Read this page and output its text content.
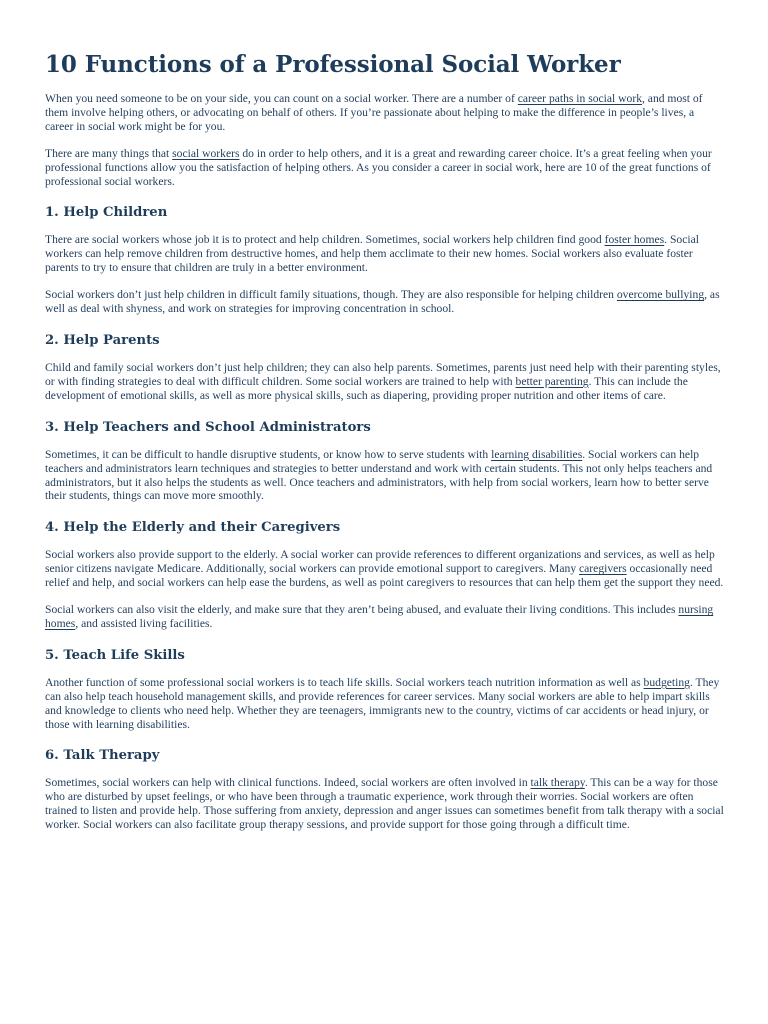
10 Functions of a Professional Social Worker

When you need someone to be on your side, you can count on a social worker. There are a number of career paths in social work, and most of them involve helping others, or advocating on behalf of others. If you’re passionate about helping to make the difference in people’s lives, a career in social work might be for you.

There are many things that social workers do in order to help others, and it is a great and rewarding career choice. It’s a great feeling when your professional functions allow you the satisfaction of helping others. As you consider a career in social work, here are 10 of the great functions of professional social workers.

1. Help Children

There are social workers whose job it is to protect and help children. Sometimes, social workers help children find good foster homes. Social workers can help remove children from destructive homes, and help them acclimate to their new homes. Social workers also evaluate foster parents to try to ensure that children are truly in a better environment.

Social workers don’t just help children in difficult family situations, though. They are also responsible for helping children overcome bullying, as well as deal with shyness, and work on strategies for improving concentration in school.

2. Help Parents

Child and family social workers don’t just help children; they can also help parents. Sometimes, parents just need help with their parenting styles, or with finding strategies to deal with difficult children. Some social workers are trained to help with better parenting. This can include the development of emotional skills, as well as more physical skills, such as diapering, providing proper nutrition and other items of care.

3. Help Teachers and School Administrators

Sometimes, it can be difficult to handle disruptive students, or know how to serve students with learning disabilities. Social workers can help teachers and administrators learn techniques and strategies to better understand and work with certain students. This not only helps teachers and administrators, but it also helps the students as well. Once teachers and administrators, with help from social workers, learn how to better serve their students, things can move more smoothly.

4. Help the Elderly and their Caregivers

Social workers also provide support to the elderly. A social worker can provide references to different organizations and services, as well as help senior citizens navigate Medicare. Additionally, social workers can provide emotional support to caregivers. Many caregivers occasionally need relief and help, and social workers can help ease the burdens, as well as point caregivers to resources that can help them get the support they need.

Social workers can also visit the elderly, and make sure that they aren’t being abused, and evaluate their living conditions. This includes nursing homes, and assisted living facilities.

5. Teach Life Skills

Another function of some professional social workers is to teach life skills. Social workers teach nutrition information as well as budgeting. They can also help teach household management skills, and provide references for career services. Many social workers are able to help impart skills and knowledge to clients who need help. Whether they are teenagers, immigrants new to the country, victims of car accidents or head injury, or those with learning disabilities.

6. Talk Therapy

Sometimes, social workers can help with clinical functions. Indeed, social workers are often involved in talk therapy. This can be a way for those who are disturbed by upset feelings, or who have been through a traumatic experience, work through their worries. Social workers are often trained to listen and provide help. Those suffering from anxiety, depression and anger issues can sometimes benefit from talk therapy with a social worker. Social workers can also facilitate group therapy sessions, and provide support for those going through a difficult time.
